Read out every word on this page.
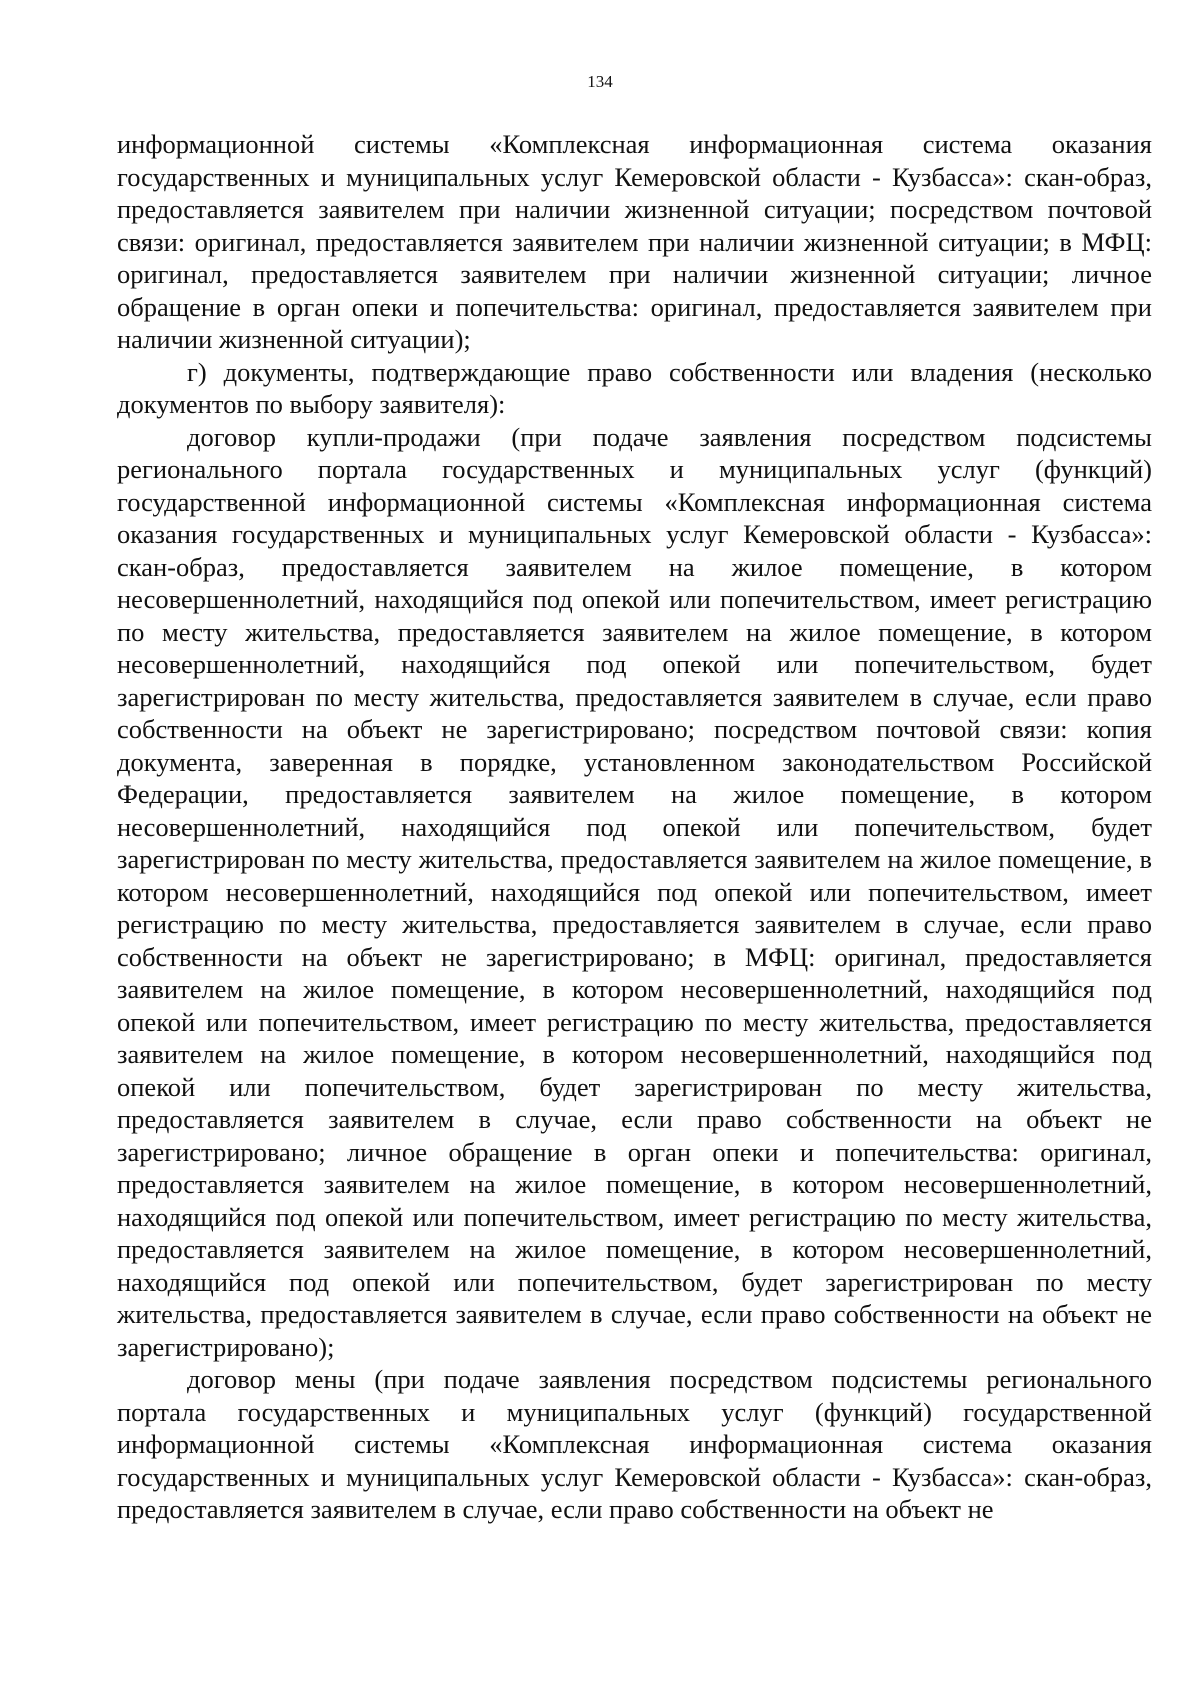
134

информационной системы «Комплексная информационная система оказания государственных и муниципальных услуг Кемеровской области - Кузбасса»: скан-образ, предоставляется заявителем при наличии жизненной ситуации; посредством почтовой связи: оригинал, предоставляется заявителем при наличии жизненной ситуации; в МФЦ: оригинал, предоставляется заявителем при наличии жизненной ситуации; личное обращение в орган опеки и попечительства: оригинал, предоставляется заявителем при наличии жизненной ситуации);

г) документы, подтверждающие право собственности или владения (несколько документов по выбору заявителя):

договор купли-продажи (при подаче заявления посредством подсистемы регионального портала государственных и муниципальных услуг (функций) государственной информационной системы «Комплексная информационная система оказания государственных и муниципальных услуг Кемеровской области - Кузбасса»: скан-образ, предоставляется заявителем на жилое помещение, в котором несовершеннолетний, находящийся под опекой или попечительством, имеет регистрацию по месту жительства, предоставляется заявителем на жилое помещение, в котором несовершеннолетний, находящийся под опекой или попечительством, будет зарегистрирован по месту жительства, предоставляется заявителем в случае, если право собственности на объект не зарегистрировано; посредством почтовой связи: копия документа, заверенная в порядке, установленном законодательством Российской Федерации, предоставляется заявителем на жилое помещение, в котором несовершеннолетний, находящийся под опекой или попечительством, будет зарегистрирован по месту жительства, предоставляется заявителем на жилое помещение, в котором несовершеннолетний, находящийся под опекой или попечительством, имеет регистрацию по месту жительства, предоставляется заявителем в случае, если право собственности на объект не зарегистрировано; в МФЦ: оригинал, предоставляется заявителем на жилое помещение, в котором несовершеннолетний, находящийся под опекой или попечительством, имеет регистрацию по месту жительства, предоставляется заявителем на жилое помещение, в котором несовершеннолетний, находящийся под опекой или попечительством, будет зарегистрирован по месту жительства, предоставляется заявителем в случае, если право собственности на объект не зарегистрировано; личное обращение в орган опеки и попечительства: оригинал, предоставляется заявителем на жилое помещение, в котором несовершеннолетний, находящийся под опекой или попечительством, имеет регистрацию по месту жительства, предоставляется заявителем на жилое помещение, в котором несовершеннолетний, находящийся под опекой или попечительством, будет зарегистрирован по месту жительства, предоставляется заявителем в случае, если право собственности на объект не зарегистрировано);

договор мены (при подаче заявления посредством подсистемы регионального портала государственных и муниципальных услуг (функций) государственной информационной системы «Комплексная информационная система оказания государственных и муниципальных услуг Кемеровской области - Кузбасса»: скан-образ, предоставляется заявителем в случае, если право собственности на объект не
